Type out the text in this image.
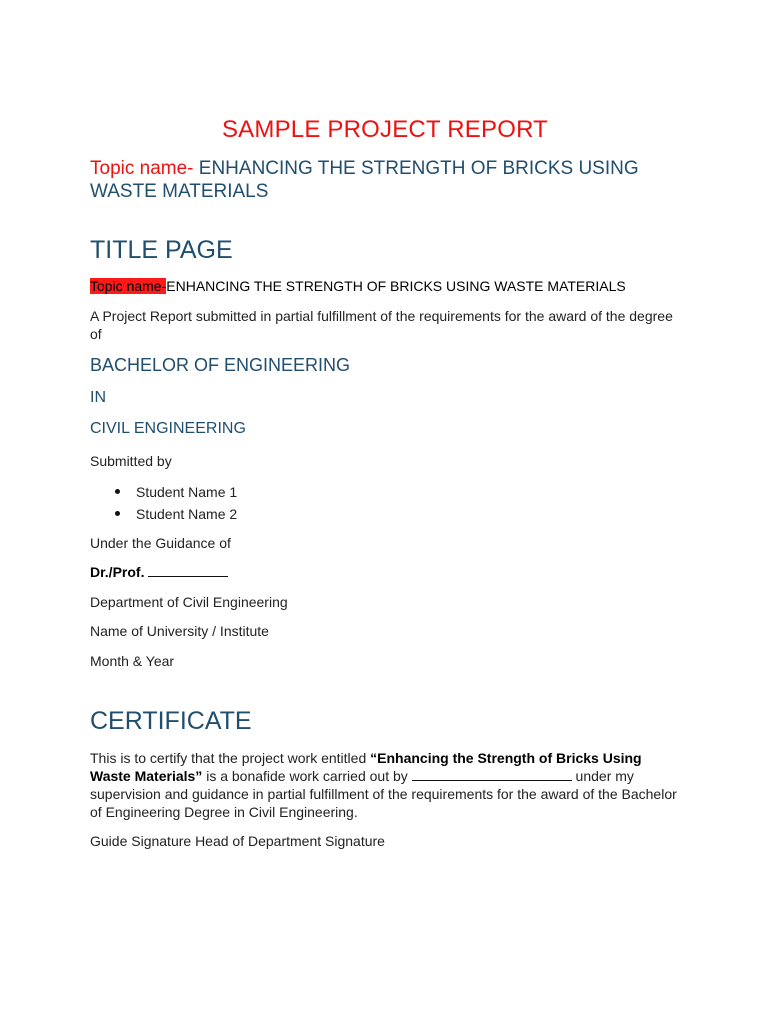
SAMPLE PROJECT REPORT

Topic name- ENHANCING THE STRENGTH OF BRICKS USING WASTE MATERIALS

TITLE PAGE

Topic name-ENHANCING THE STRENGTH OF BRICKS USING WASTE MATERIALS

A Project Report submitted in partial fulfillment of the requirements for the award of the degree of

BACHELOR OF ENGINEERING
IN
CIVIL ENGINEERING

Submitted by

Student Name 1
Student Name 2

Under the Guidance of

Dr./Prof.

Department of Civil Engineering

Name of University / Institute

Month & Year

CERTIFICATE

This is to certify that the project work entitled “Enhancing the Strength of Bricks Using Waste Materials” is a bonafide work carried out by	under my supervision and guidance in partial fulfillment of the requirements for the award of the Bachelor of Engineering Degree in Civil Engineering.

Guide Signature Head of Department Signature
